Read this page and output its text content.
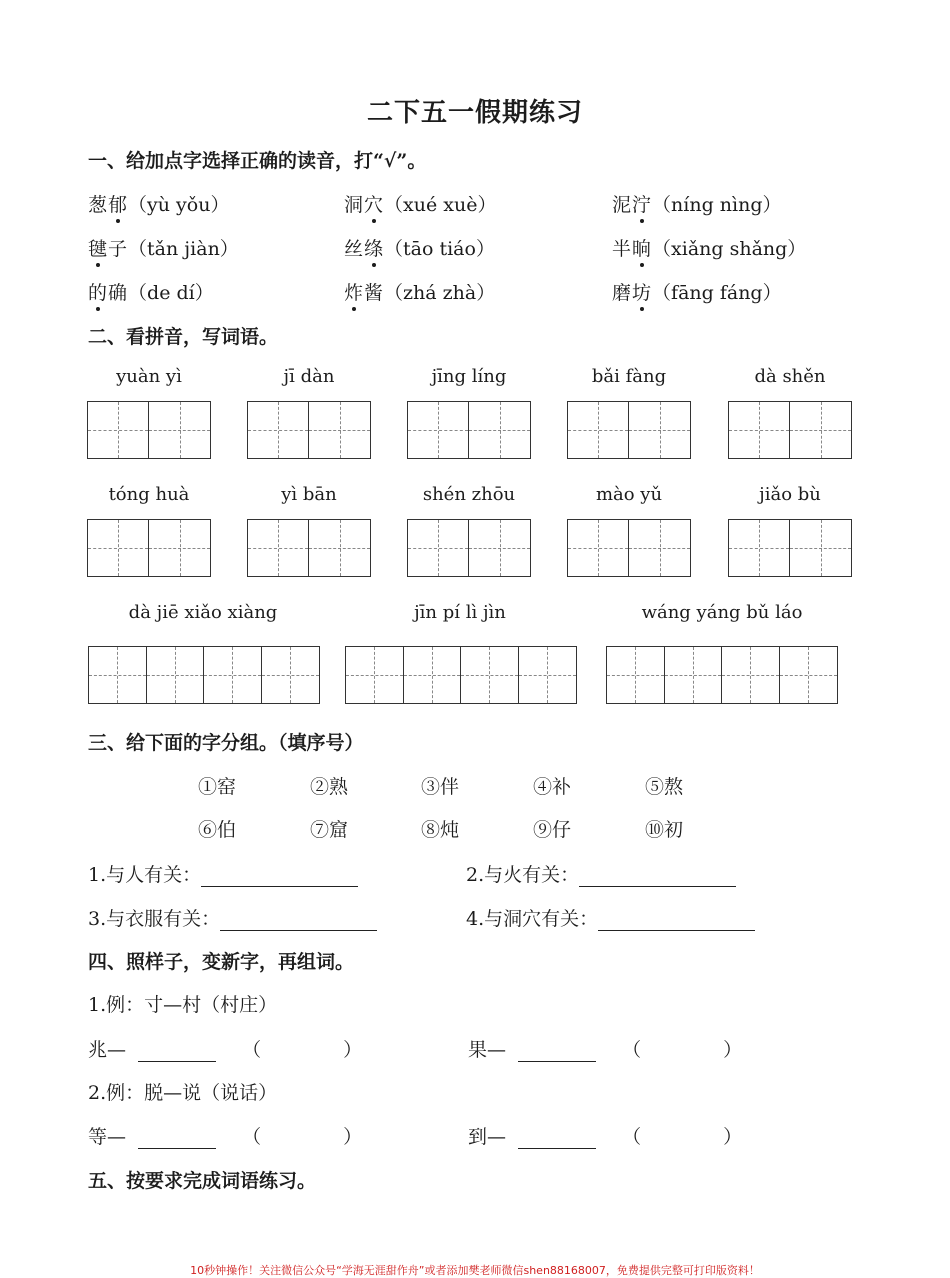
二下五一假期练习
一、给加点字选择正确的读音，打“√”。
葱郁（yù yǒu）	洞穴（xué xuè）	泥泞（níng nìng）
毽子（tǎn jiàn）	丝绦（tāo tiáo）	半晌（xiǎng shǎng）
的确（de dí）	炸酱（zhá zhà）	磨坊（fāng fáng）
二、看拼音，写词语。
yuàn yì	jī dàn	jīng líng	bǎi fàng	dà shěn
tóng huà	yì bān	shén zhōu	mào yǔ	jiǎo bù
dà jiē xiǎo xiàng	jīn pí lì jìn	wáng yáng bǔ láo
三、给下面的字分组。（填序号）
①窑	②熟	③伴	④补	⑤熬
⑥伯	⑦窟	⑧炖	⑨仔	⑩初
1.与人有关：	2.与火有关：
3.与衣服有关：	4.与洞穴有关：
四、照样子，变新字，再组词。
1.例：寸—村（村庄）
兆—	（	）	果—	（	）
2.例：脱—说（说话）
等—	（	）	到—	（	）
五、按要求完成词语练习。
10秒钟操作！关注微信公众号“学海无涯甜作舟”或者添加樊老师微信shen88168007，免费提供完整可打印版资料！
